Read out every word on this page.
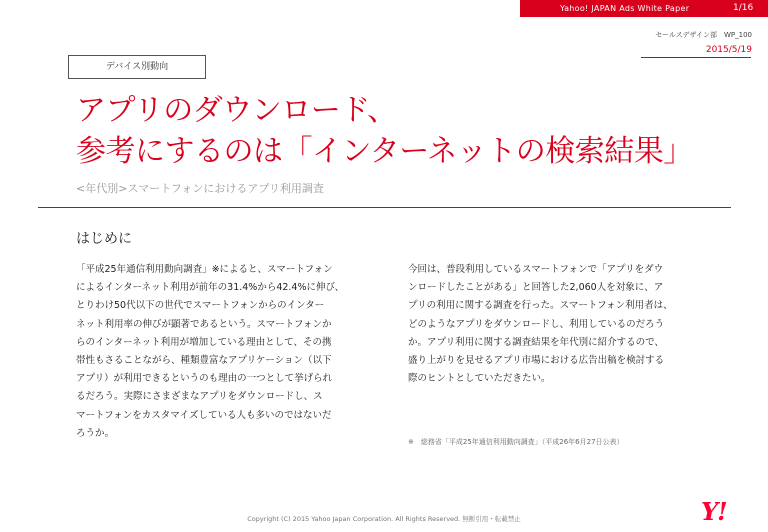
Yahoo! JAPAN Ads White Paper	1/16
セールスデザイン部　WP_100
2015/5/19
デバイス別動向
アプリのダウンロード、
参考にするのは「インターネットの検索結果」
<年代別>スマートフォンにおけるアプリ利用調査
はじめに
「平成25年通信利用動向調査」※によると、スマートフォン
によるインターネット利用が前年の31.4%から42.4%に伸び、
とりわけ50代以下の世代でスマートフォンからのインター
ネット利用率の伸びが顕著であるという。スマートフォンか
らのインターネット利用が増加している理由として、その携
帯性もさることながら、種類豊富なアプリケーション（以下
アプリ）が利用できるというのも理由の一つとして挙げられ
るだろう。実際にさまざまなアプリをダウンロードし、ス
マートフォンをカスタマイズしている人も多いのではないだ
ろうか。
今回は、普段利用しているスマートフォンで「アプリをダウ
ンロードしたことがある」と回答した2,060人を対象に、ア
プリの利用に関する調査を行った。スマートフォン利用者は、
どのようなアプリをダウンロードし、利用しているのだろう
か。アプリ利用に関する調査結果を年代別に紹介するので、
盛り上がりを見せるアプリ市場における広告出稿を検討する
際のヒントとしていただきたい。
※　総務省「平成25年通信利用動向調査」（平成26年6月27日公表）
Copyright (C) 2015 Yahoo Japan Corporation. All Rights Reserved. 無断引用・転載禁止	Y!
